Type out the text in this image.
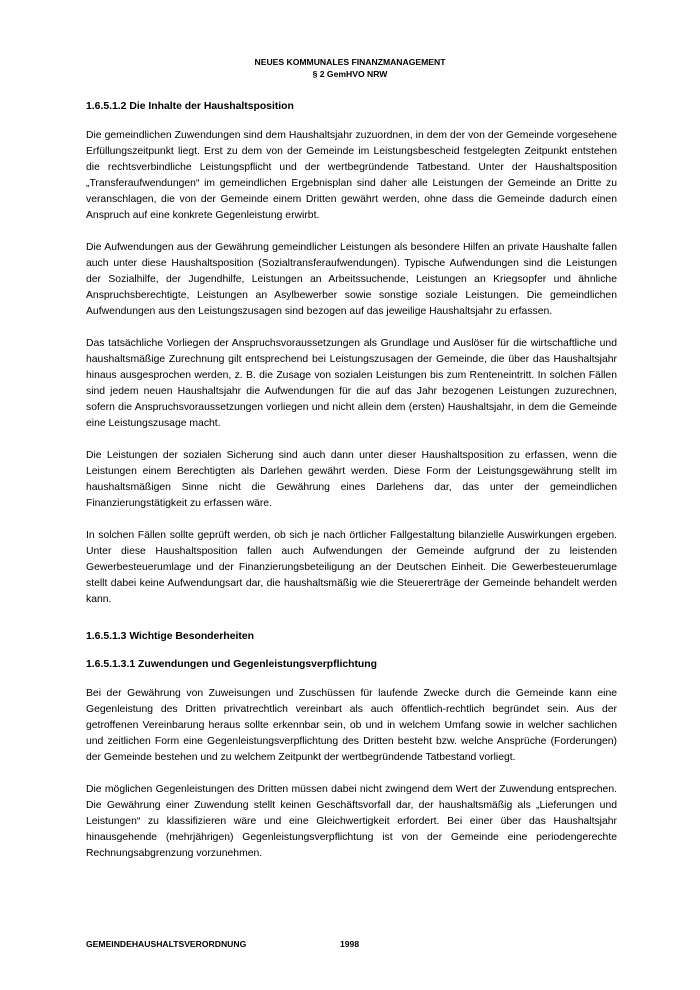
NEUES KOMMUNALES FINANZMANAGEMENT
§ 2 GemHVO NRW
1.6.5.1.2 Die Inhalte der Haushaltsposition

Die gemeindlichen Zuwendungen sind dem Haushaltsjahr zuzuordnen, in dem der von der Gemeinde vorgesehene Erfüllungszeitpunkt liegt. Erst zu dem von der Gemeinde im Leistungsbescheid festgelegten Zeitpunkt entstehen die rechtsverbindliche Leistungspflicht und der wertbegründende Tatbestand. Unter der Haushaltsposition „Transferaufwendungen“ im gemeindlichen Ergebnisplan sind daher alle Leistungen der Gemeinde an Dritte zu veranschlagen, die von der Gemeinde einem Dritten gewährt werden, ohne dass die Gemeinde dadurch einen Anspruch auf eine konkrete Gegenleistung erwirbt.

Die Aufwendungen aus der Gewährung gemeindlicher Leistungen als besondere Hilfen an private Haushalte fallen auch unter diese Haushaltsposition (Sozialtransferaufwendungen). Typische Aufwendungen sind die Leistungen der Sozialhilfe, der Jugendhilfe, Leistungen an Arbeitssuchende, Leistungen an Kriegsopfer und ähnliche Anspruchsberechtigte, Leistungen an Asylbewerber sowie sonstige soziale Leistungen. Die gemeindlichen Aufwendungen aus den Leistungszusagen sind bezogen auf das jeweilige Haushaltsjahr zu erfassen.

Das tatsächliche Vorliegen der Anspruchsvoraussetzungen als Grundlage und Auslöser für die wirtschaftliche und haushaltsmäßige Zurechnung gilt entsprechend bei Leistungszusagen der Gemeinde, die über das Haushaltsjahr hinaus ausgesprochen werden, z. B. die Zusage von sozialen Leistungen bis zum Renteneintritt. In solchen Fällen sind jedem neuen Haushaltsjahr die Aufwendungen für die auf das Jahr bezogenen Leistungen zuzurechnen, sofern die Anspruchsvoraussetzungen vorliegen und nicht allein dem (ersten) Haushaltsjahr, in dem die Gemeinde eine Leistungszusage macht.

Die Leistungen der sozialen Sicherung sind auch dann unter dieser Haushaltsposition zu erfassen, wenn die Leistungen einem Berechtigten als Darlehen gewährt werden. Diese Form der Leistungsgewährung stellt im haushaltsmäßigen Sinne nicht die Gewährung eines Darlehens dar, das unter der gemeindlichen Finanzierungstätigkeit zu erfassen wäre.

In solchen Fällen sollte geprüft werden, ob sich je nach örtlicher Fallgestaltung bilanzielle Auswirkungen ergeben. Unter diese Haushaltsposition fallen auch Aufwendungen der Gemeinde aufgrund der zu leistenden Gewerbesteuerumlage und der Finanzierungsbeteiligung an der Deutschen Einheit. Die Gewerbesteuerumlage stellt dabei keine Aufwendungsart dar, die haushaltsmäßig wie die Steuererträge der Gemeinde behandelt werden kann.

1.6.5.1.3 Wichtige Besonderheiten
1.6.5.1.3.1 Zuwendungen und Gegenleistungsverpflichtung

Bei der Gewährung von Zuweisungen und Zuschüssen für laufende Zwecke durch die Gemeinde kann eine Gegenleistung des Dritten privatrechtlich vereinbart als auch öffentlich-rechtlich begründet sein. Aus der getroffenen Vereinbarung heraus sollte erkennbar sein, ob und in welchem Umfang sowie in welcher sachlichen und zeitlichen Form eine Gegenleistungsverpflichtung des Dritten besteht bzw. welche Ansprüche (Forderungen) der Gemeinde bestehen und zu welchem Zeitpunkt der wertbegründende Tatbestand vorliegt.

Die möglichen Gegenleistungen des Dritten müssen dabei nicht zwingend dem Wert der Zuwendung entsprechen. Die Gewährung einer Zuwendung stellt keinen Geschäftsvorfall dar, der haushaltsmäßig als „Lieferungen und Leistungen“ zu klassifizieren wäre und eine Gleichwertigkeit erfordert. Bei einer über das Haushaltsjahr hinausgehende (mehrjährigen) Gegenleistungsverpflichtung ist von der Gemeinde eine periodengerechte Rechnungsabgrenzung vorzunehmen.

GEMEINDEHAUSHALTSVERORDNUNG	1998
